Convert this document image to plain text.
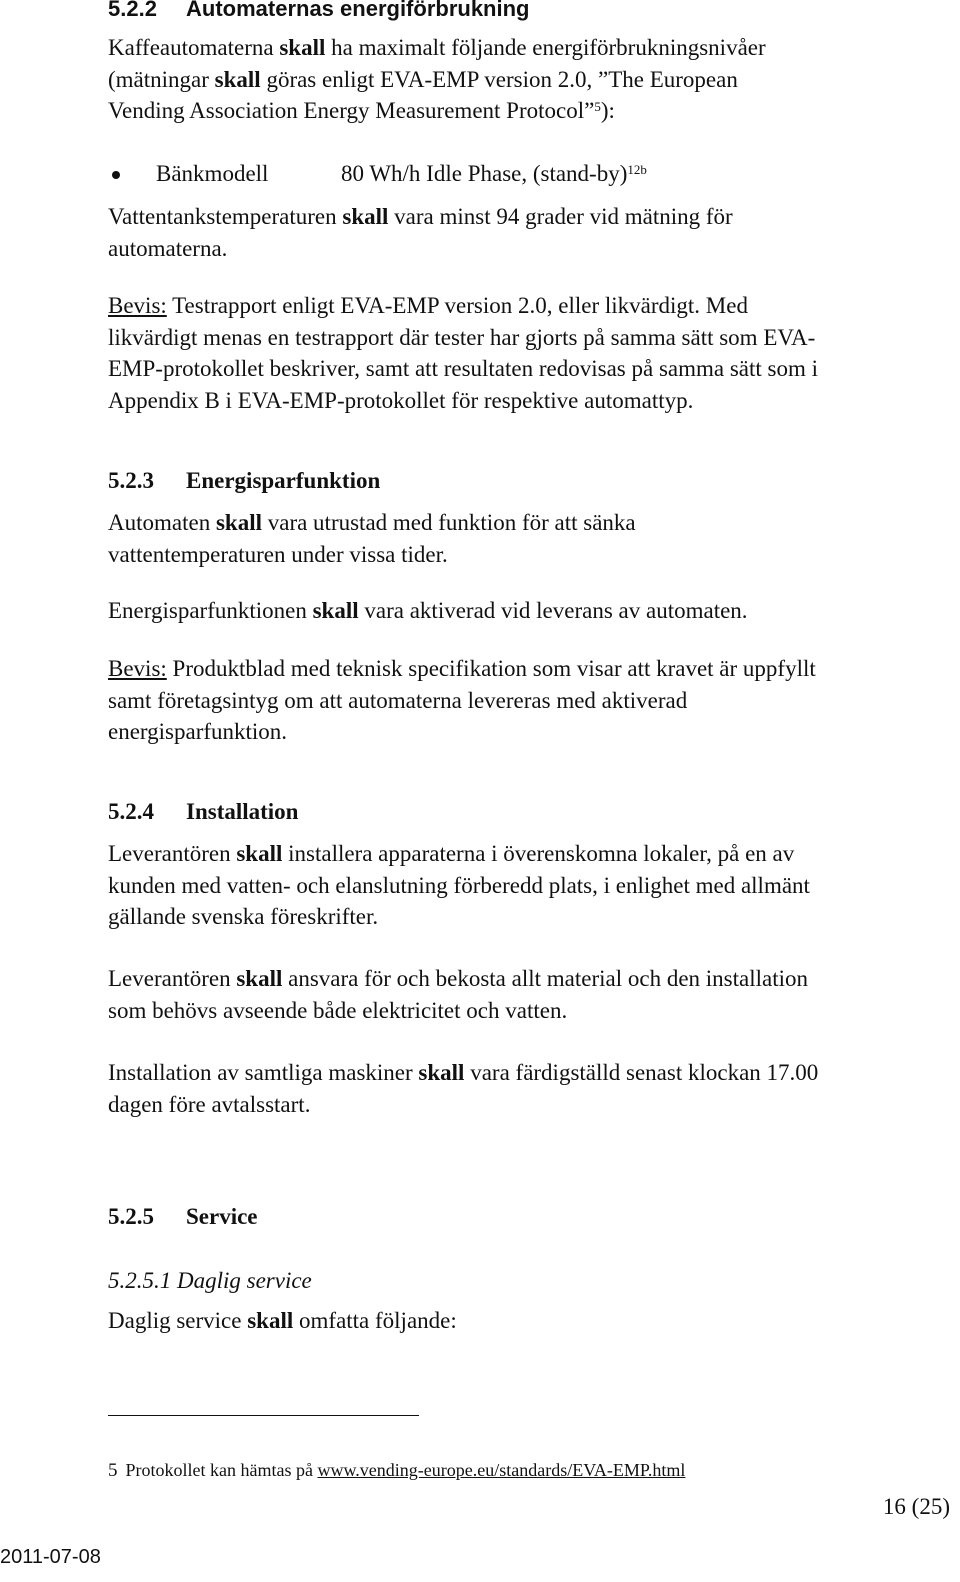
5.2.2 Automaternas energiförbrukning
Kaffeautomaterna skall ha maximalt följande energiförbrukningsnivåer
(mätningar skall göras enligt EVA-EMP version 2.0, ”The European
Vending Association Energy Measurement Protocol”$^5$):
Bänkmodell	80 Wh/h Idle Phase, $(stand-by)^{12b}$
Vattentankstemperaturen skall vara minst 94 grader vid mätning för
automaterna.
Bevis: Testrapport enligt EVA-EMP version 2.0, eller likvärdigt. Med
likvärdigt menas en testrapport där tester har gjorts på samma sätt som EVA-
EMP-protokollet beskriver, samt att resultaten redovisas på samma sätt som i
Appendix B i EVA-EMP-protokollet för respektive automattyp.
5.2.3 Energisparfunktion
Automaten skall vara utrustad med funktion för att sänka
vattentemperaturen under vissa tider.
Energisparfunktionen skall vara aktiverad vid leverans av automaten.
Bevis: Produktblad med teknisk specifikation som visar att kravet är uppfyllt
samt företagsintyg om att automaterna levereras med aktiverad
energisparfunktion.
5.2.4 Installation
Leverantören skall installera apparaterna i överenskomna lokaler, på en av
kunden med vatten- och elanslutning förberedd plats, i enlighet med allmänt
gällande svenska föreskrifter.
Leverantören skall ansvara för och bekosta allt material och den installation
som behövs avseende både elektricitet och vatten.
Installation av samtliga maskiner skall vara färdigställd senast klockan 17.00
dagen före avtalsstart.
5.2.5 Service
5.2.5.1 Daglig service
Daglig service skall omfatta följande:
5 Protokollet kan hämtas på www.vending-europe.eu/standards/EVA-EMP.html
16 (25)
2011-07-08
